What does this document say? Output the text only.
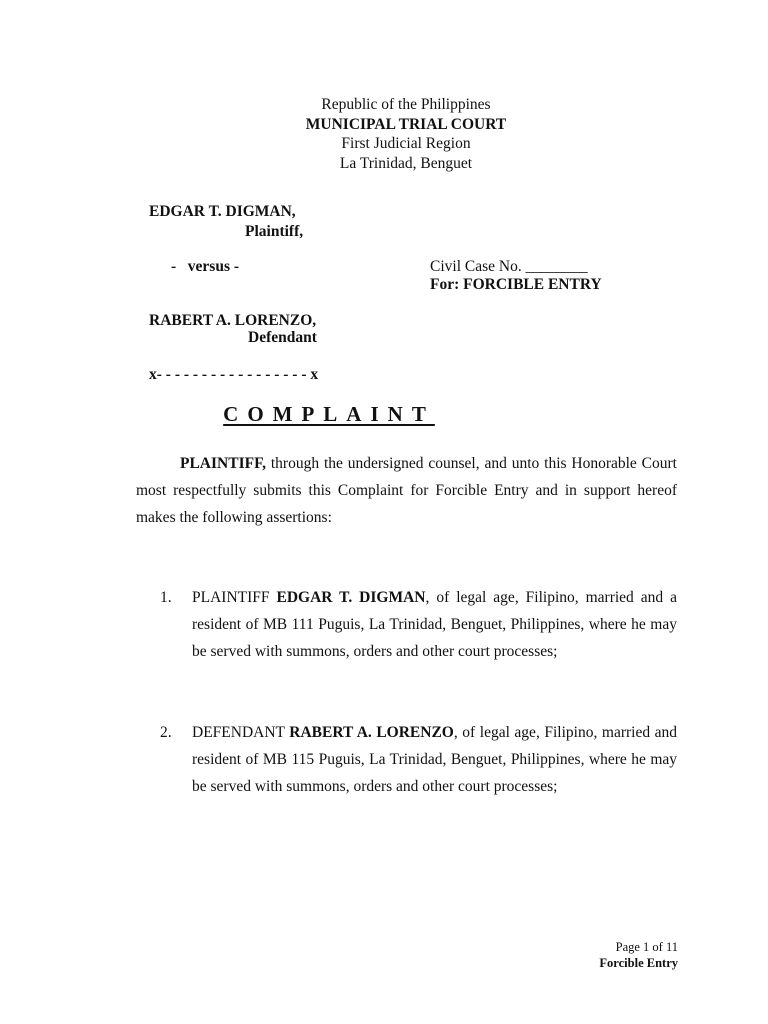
Republic of the Philippines
MUNICIPAL TRIAL COURT
First Judicial Region
La Trinidad, Benguet
EDGAR T. DIGMAN,
Plaintiff,
-   versus -	Civil Case No. ________
For: FORCIBLE ENTRY
RABERT A. LORENZO,
Defendant
x- - - - - - - - - - - - - - - - - x
COMPLAINT
PLAINTIFF, through the undersigned counsel, and unto this Honorable Court most respectfully submits this Complaint for Forcible Entry and in support hereof makes the following assertions:
1. PLAINTIFF EDGAR T. DIGMAN, of legal age, Filipino, married and a resident of MB 111 Puguis, La Trinidad, Benguet, Philippines, where he may be served with summons, orders and other court processes;
2. DEFENDANT RABERT A. LORENZO, of legal age, Filipino, married and resident of MB 115 Puguis, La Trinidad, Benguet, Philippines, where he may be served with summons, orders and other court processes;
Page 1 of 11
Forcible Entry
